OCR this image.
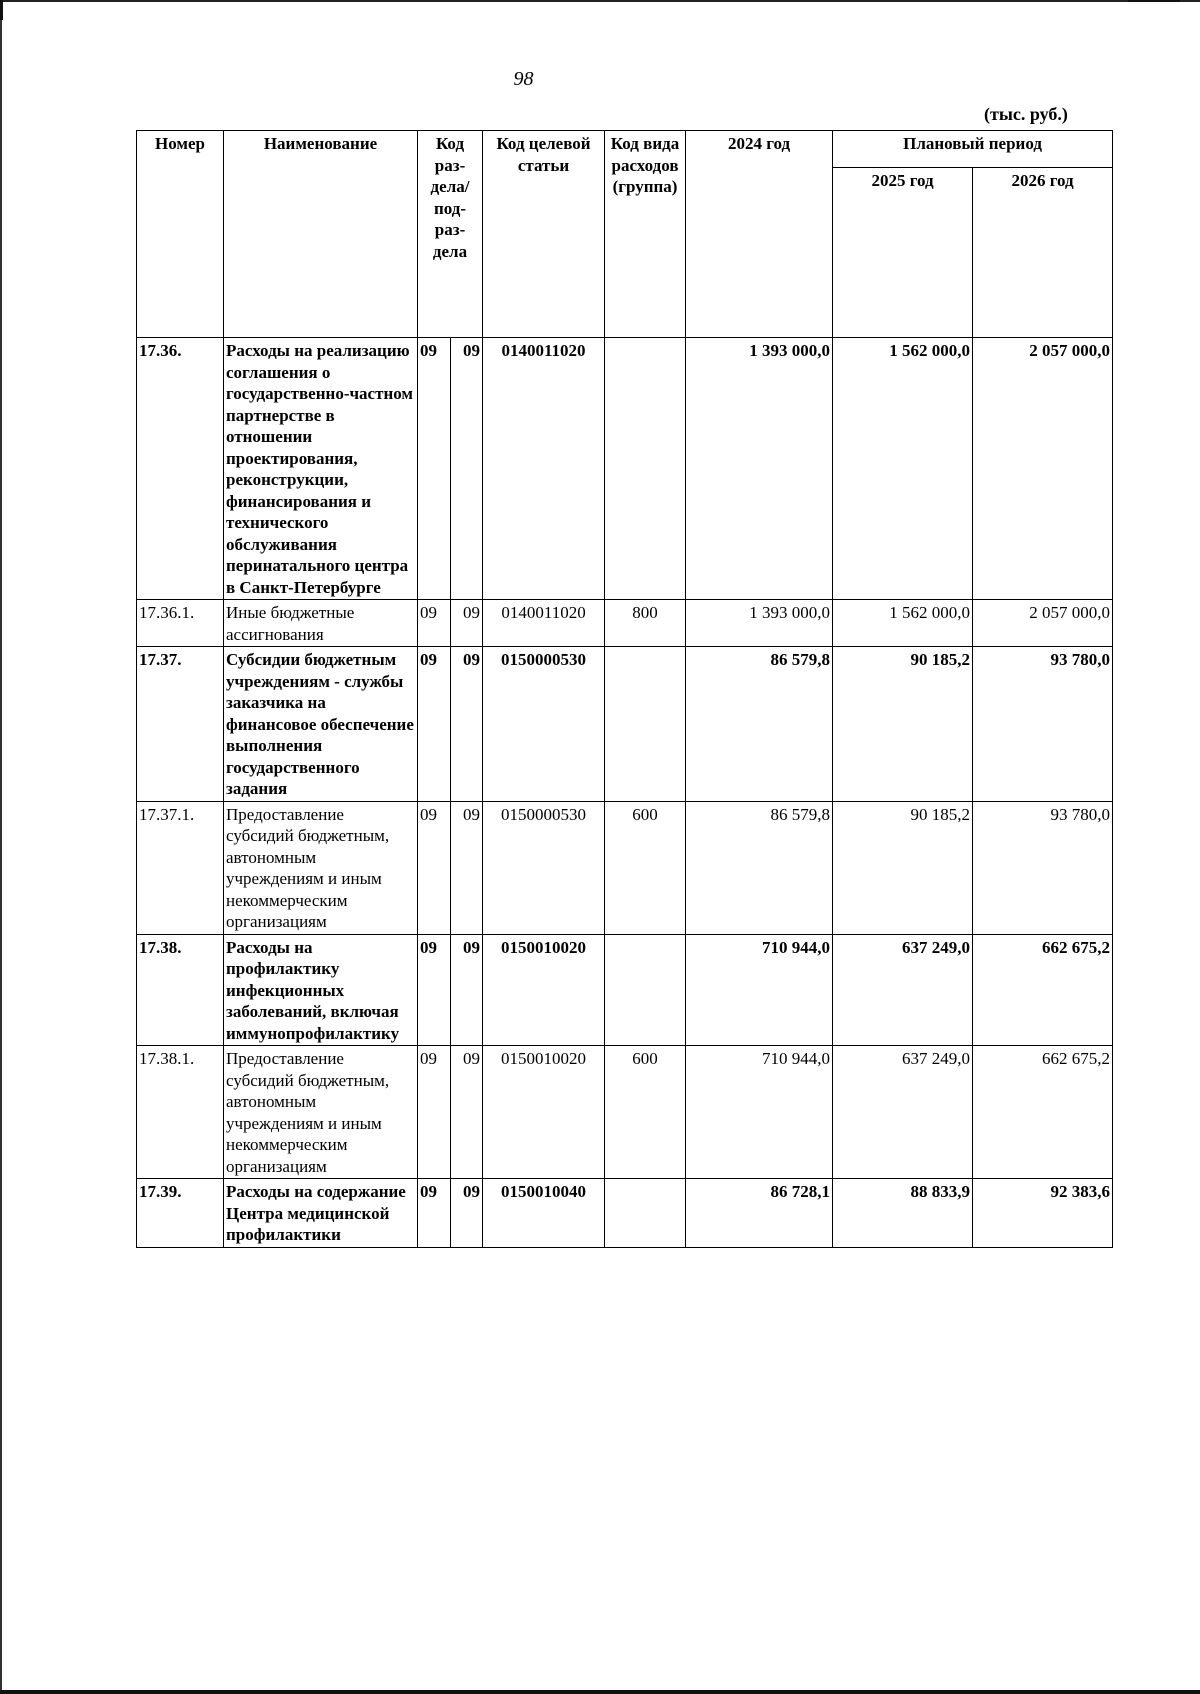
98
(тыс. руб.)
Номер	Наименование	Код раз-дела/ под-раз-дела		Код целевой статьи	Код вида расходов (группа)	2024 год	Плановый период	
							2025 год	2026 год
17.36.	Расходы на реализацию соглашения о государственно-частном партнерстве в отношении проектирования, реконструкции, финансирования и технического обслуживания перинатального центра в Санкт-Петербурге	09	09	0140011020		1 393 000,0	1 562 000,0	2 057 000,0
17.36.1.	Иные бюджетные ассигнования	09	09	0140011020	800	1 393 000,0	1 562 000,0	2 057 000,0
17.37.	Субсидии бюджетным учреждениям - службы заказчика на финансовое обеспечение выполнения государственного задания	09	09	0150000530		86 579,8	90 185,2	93 780,0
17.37.1.	Предоставление субсидий бюджетным, автономным учреждениям и иным некоммерческим организациям	09	09	0150000530	600	86 579,8	90 185,2	93 780,0
17.38.	Расходы на профилактику инфекционных заболеваний, включая иммунопрофилактику	09	09	0150010020		710 944,0	637 249,0	662 675,2
17.38.1.	Предоставление субсидий бюджетным, автономным учреждениям и иным некоммерческим организациям	09	09	0150010020	600	710 944,0	637 249,0	662 675,2
17.39.	Расходы на содержание Центра медицинской профилактики	09	09	0150010040		86 728,1	88 833,9	92 383,6
